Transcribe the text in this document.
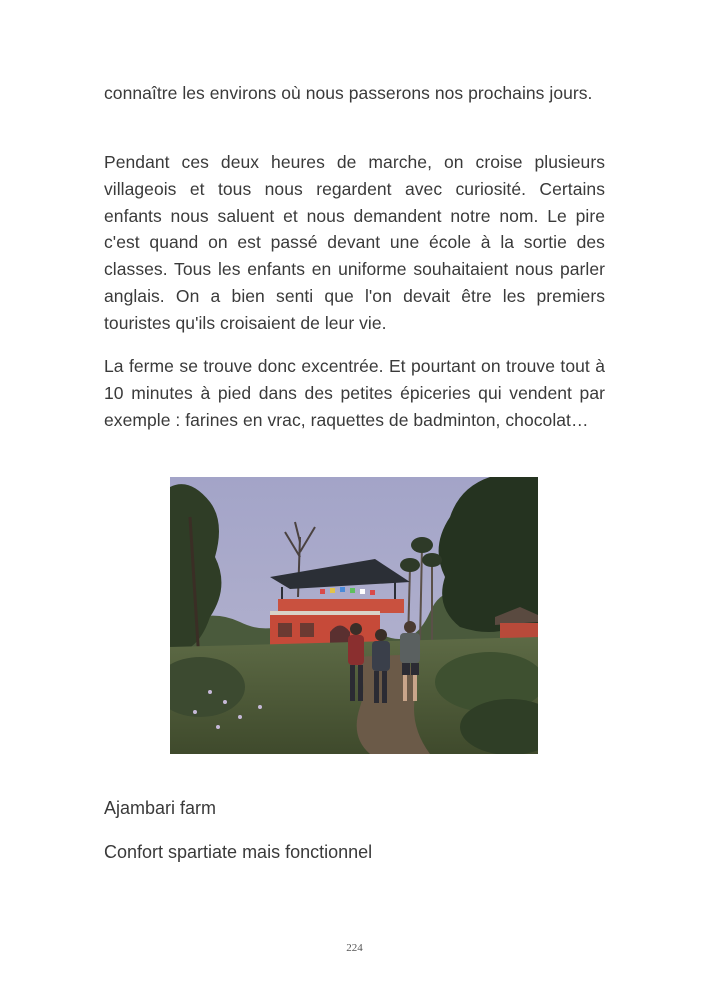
connaître les environs où nous passerons nos prochains jours.

Pendant ces deux heures de marche, on croise plusieurs villageois et tous nous regardent avec curiosité. Certains enfants nous saluent et nous demandent notre nom. Le pire c'est quand on est passé devant une école à la sortie des classes. Tous les enfants en uniforme souhaitaient nous parler anglais. On a bien senti que l'on devait être les premiers touristes qu'ils croisaient de leur vie.

La ferme se trouve donc excentrée. Et pourtant on trouve tout à 10 minutes à pied dans des petites épiceries qui vendent par exemple : farines en vrac, raquettes de badminton, chocolat…

Ajambari farm

Confort spartiate mais fonctionnel

224
